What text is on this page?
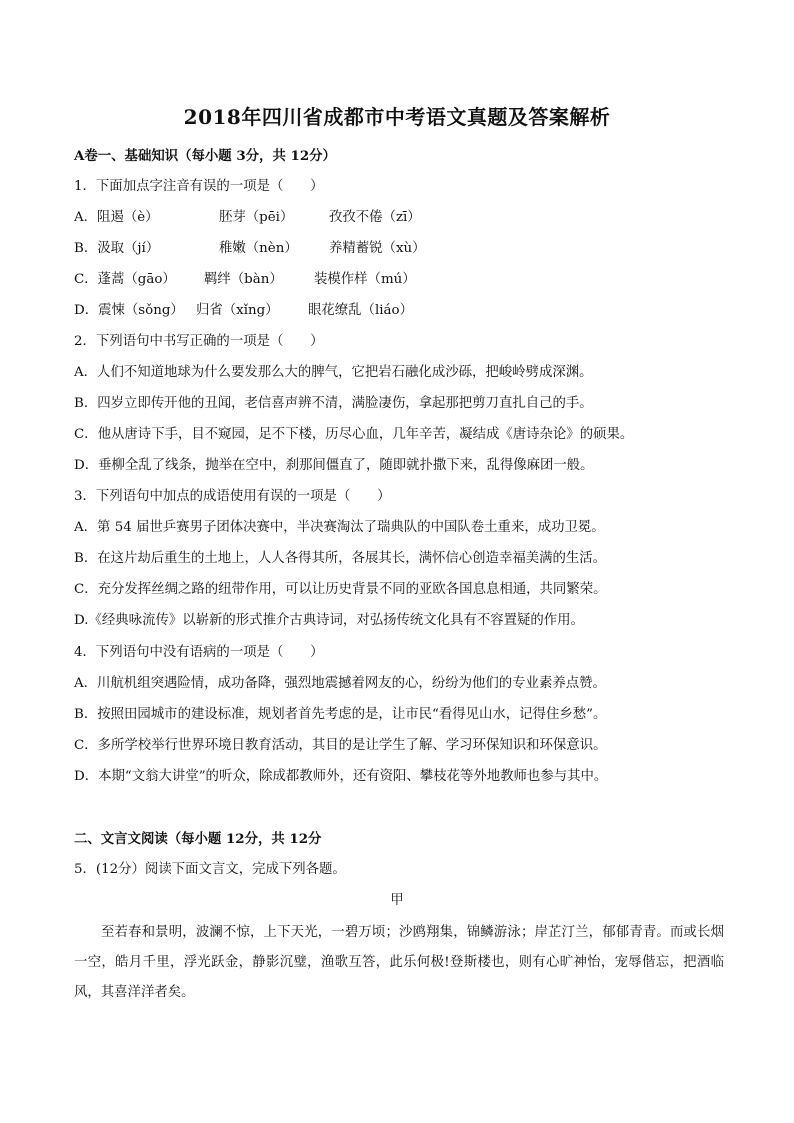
2018年四川省成都市中考语文真题及答案解析
A卷一、基础知识（每小题 3分，共 12分）
1．下面加点字注音有误的一项是（　　）
A．阻遏（è）	胚芽（pēi）	孜孜不倦（zī）
B．汲取（jí）	稚嫩（nèn）	养精蓄锐（xù）
C．蓬蒿（gāo）	羁绊（bàn）	装模作样（mú）
D．震悚（sǒng） 归省（xǐng）	眼花缭乱（liáo）
2．下列语句中书写正确的一项是（　　）
A．人们不知道地球为什么要发那么大的脾气，它把岩石融化成沙砾，把峻岭劈成深渊。
B．四岁立即传开他的丑闻，老信喜声辨不清，满脸凄伤，拿起那把剪刀直扎自己的手。
C．他从唐诗下手，目不窥园，足不下楼，历尽心血，几年辛苦，凝结成《唐诗杂论》的硕果。
D．垂柳全乱了线条，抛举在空中，刹那间僵直了，随即就扑撒下来，乱得像麻团一般。
3．下列语句中加点的成语使用有误的一项是（　　）
A．第 54 届世乒赛男子团体决赛中，半决赛淘汰了瑞典队的中国队卷土重来，成功卫冕。
B．在这片劫后重生的土地上，人人各得其所，各展其长，满怀信心创造幸福美满的生活。
C．充分发挥丝绸之路的纽带作用，可以让历史背景不同的亚欧各国息息相通，共同繁荣。
D.《经典咏流传》以崭新的形式推介古典诗词，对弘扬传统文化具有不容置疑的作用。
4．下列语句中没有语病的一项是（　　）
A．川航机组突遇险情，成功备降，强烈地震撼着网友的心，纷纷为他们的专业素养点赞。
B．按照田园城市的建设标准，规划者首先考虑的是，让市民“看得见山水，记得住乡愁”。
C．多所学校举行世界环境日教育活动，其目的是让学生了解、学习环保知识和环保意识。
D．本期“文翁大讲堂”的听众，除成都教师外，还有资阳、攀枝花等外地教师也参与其中。
二、文言文阅读（每小题 12分，共 12分
5．(12分）阅读下面文言文，完成下列各题。
甲
至若春和景明，波澜不惊，上下天光，一碧万顷；沙鸥翔集，锦鳞游泳；岸芷汀兰，郁郁青青。而或长烟一空，皓月千里，浮光跃金，静影沉璧，渔歌互答，此乐何极!登斯楼也，则有心旷神怡，宠辱偕忘，把酒临风，其喜洋洋者矣。
